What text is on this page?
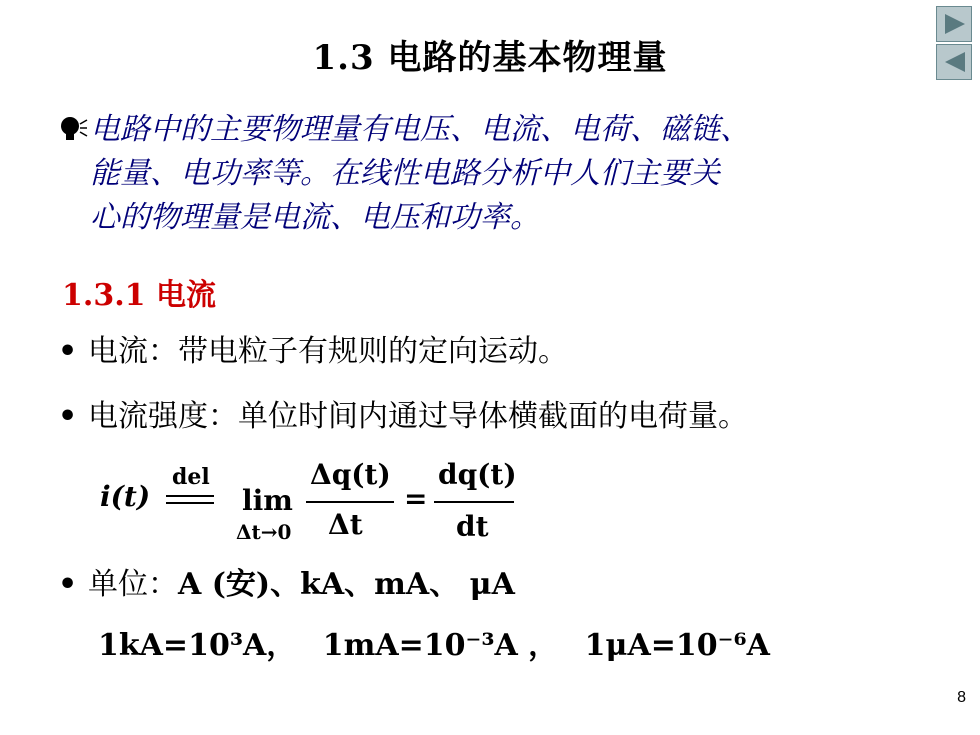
1.3 电路的基本物理量
电路中的主要物理量有电压、电流、电荷、磁链、
能量、电功率等。在线性电路分析中人们主要关
心的物理量是电流、电压和功率。
1.3.1 电流
• 电流：带电粒子有规则的定向运动。
• 电流强度：单位时间内通过导体横截面的电荷量。
i(t)
del
lim
Δt→0
Δq(t)
Δt
=
dq(t)
dt
• 单位：A (安)、kA、mA、 μA
1kA=10³A， 1mA=10⁻³A ， 1μA=10⁻⁶A
8
